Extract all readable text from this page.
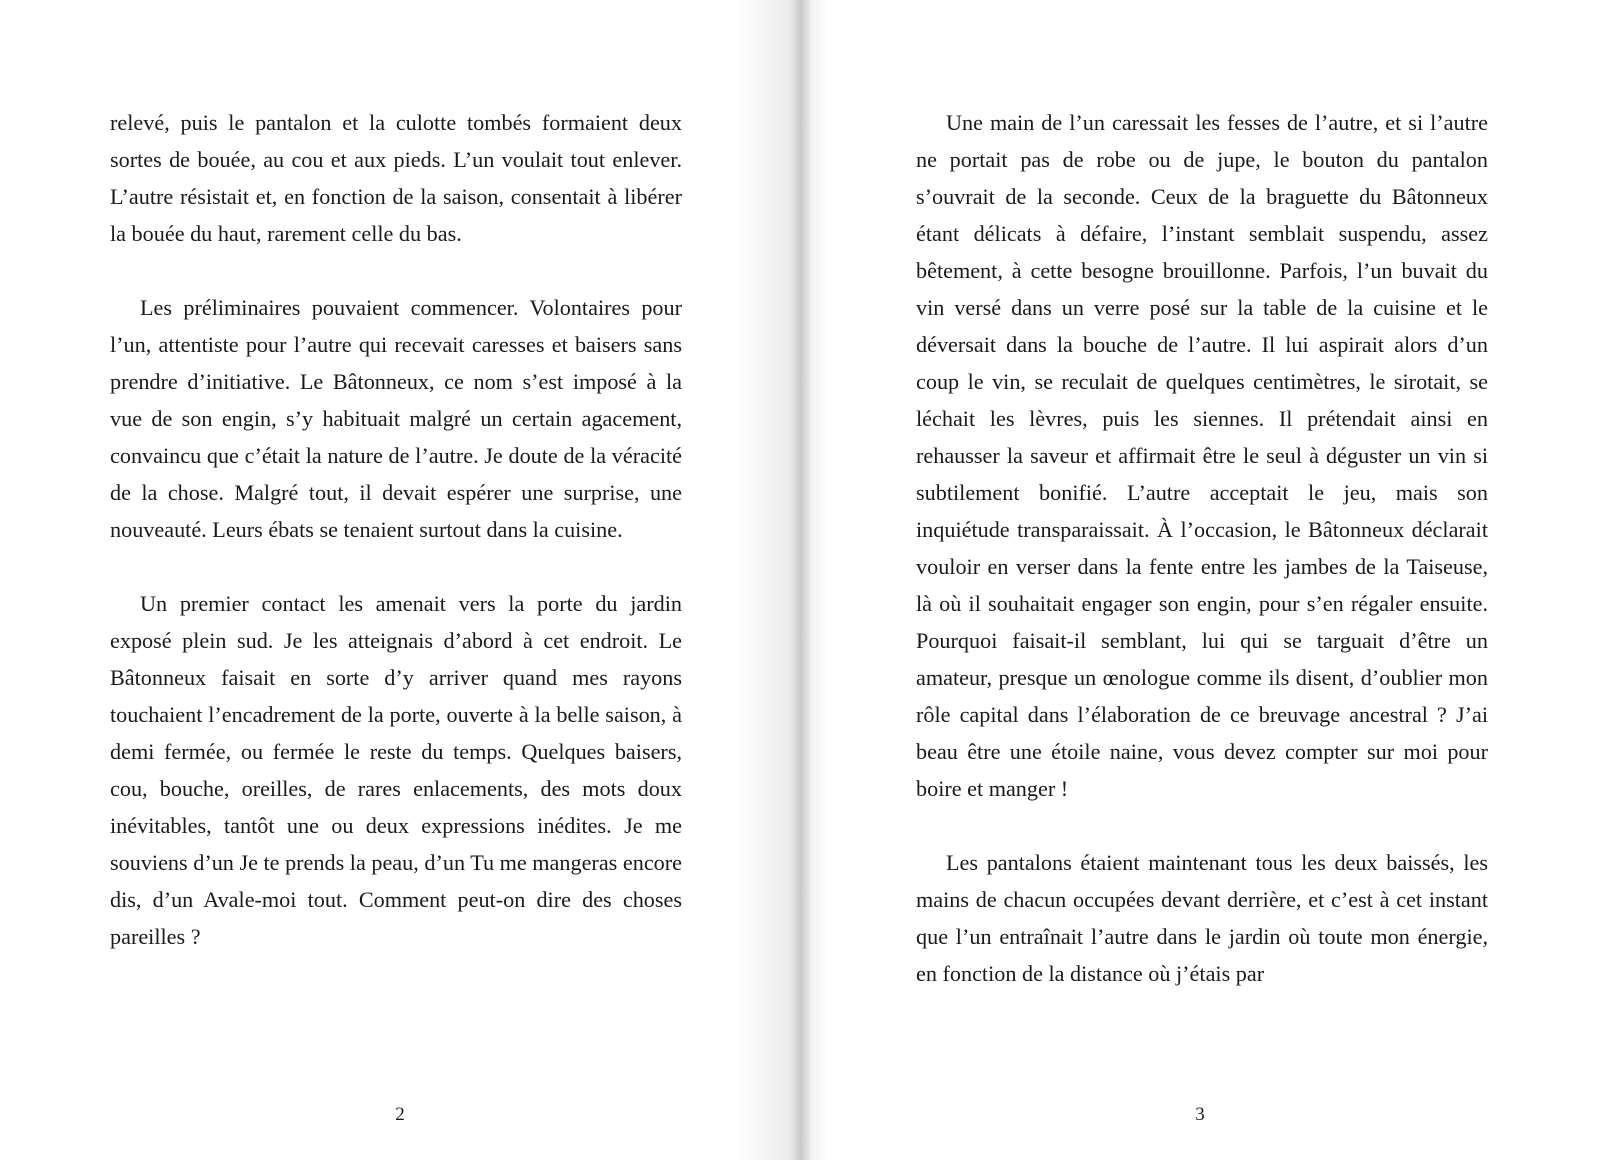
relevé, puis le pantalon et la culotte tombés formaient deux sortes de bouée, au cou et aux pieds. L’un voulait tout enlever. L’autre résistait et, en fonction de la saison, consentait à libérer la bouée du haut, rarement celle du bas.

Les préliminaires pouvaient commencer. Volontaires pour l’un, attentiste pour l’autre qui recevait caresses et baisers sans prendre d’initiative. Le Bâtonneux, ce nom s’est imposé à la vue de son engin, s’y habituait malgré un certain agacement, convaincu que c’était la nature de l’autre. Je doute de la véracité de la chose. Malgré tout, il devait espérer une surprise, une nouveauté. Leurs ébats se tenaient surtout dans la cuisine.

Un premier contact les amenait vers la porte du jardin exposé plein sud. Je les atteignais d’abord à cet endroit. Le Bâtonneux faisait en sorte d’y arriver quand mes rayons touchaient l’encadrement de la porte, ouverte à la belle saison, à demi fermée, ou fermée le reste du temps. Quelques baisers, cou, bouche, oreilles, de rares enlacements, des mots doux inévitables, tantôt une ou deux expressions inédites. Je me souviens d’un Je te prends la peau, d’un Tu me mangeras encore dis, d’un Avale-moi tout. Comment peut-on dire des choses pareilles ?

2

Une main de l’un caressait les fesses de l’autre, et si l’autre ne portait pas de robe ou de jupe, le bouton du pantalon s’ouvrait de la seconde. Ceux de la braguette du Bâtonneux étant délicats à défaire, l’instant semblait suspendu, assez bêtement, à cette besogne brouillonne. Parfois, l’un buvait du vin versé dans un verre posé sur la table de la cuisine et le déversait dans la bouche de l’autre. Il lui aspirait alors d’un coup le vin, se reculait de quelques centimètres, le sirotait, se léchait les lèvres, puis les siennes. Il prétendait ainsi en rehausser la saveur et affirmait être le seul à déguster un vin si subtilement bonifié. L’autre acceptait le jeu, mais son inquiétude transparaissait. À l’occasion, le Bâtonneux déclarait vouloir en verser dans la fente entre les jambes de la Taiseuse, là où il souhaitait engager son engin, pour s’en régaler ensuite. Pourquoi faisait-il semblant, lui qui se targuait d’être un amateur, presque un œnologue comme ils disent, d’oublier mon rôle capital dans l’élaboration de ce breuvage ancestral ? J’ai beau être une étoile naine, vous devez compter sur moi pour boire et manger !

Les pantalons étaient maintenant tous les deux baissés, les mains de chacun occupées devant derrière, et c’est à cet instant que l’un entraînait l’autre dans le jardin où toute mon énergie, en fonction de la distance où j’étais par

3
